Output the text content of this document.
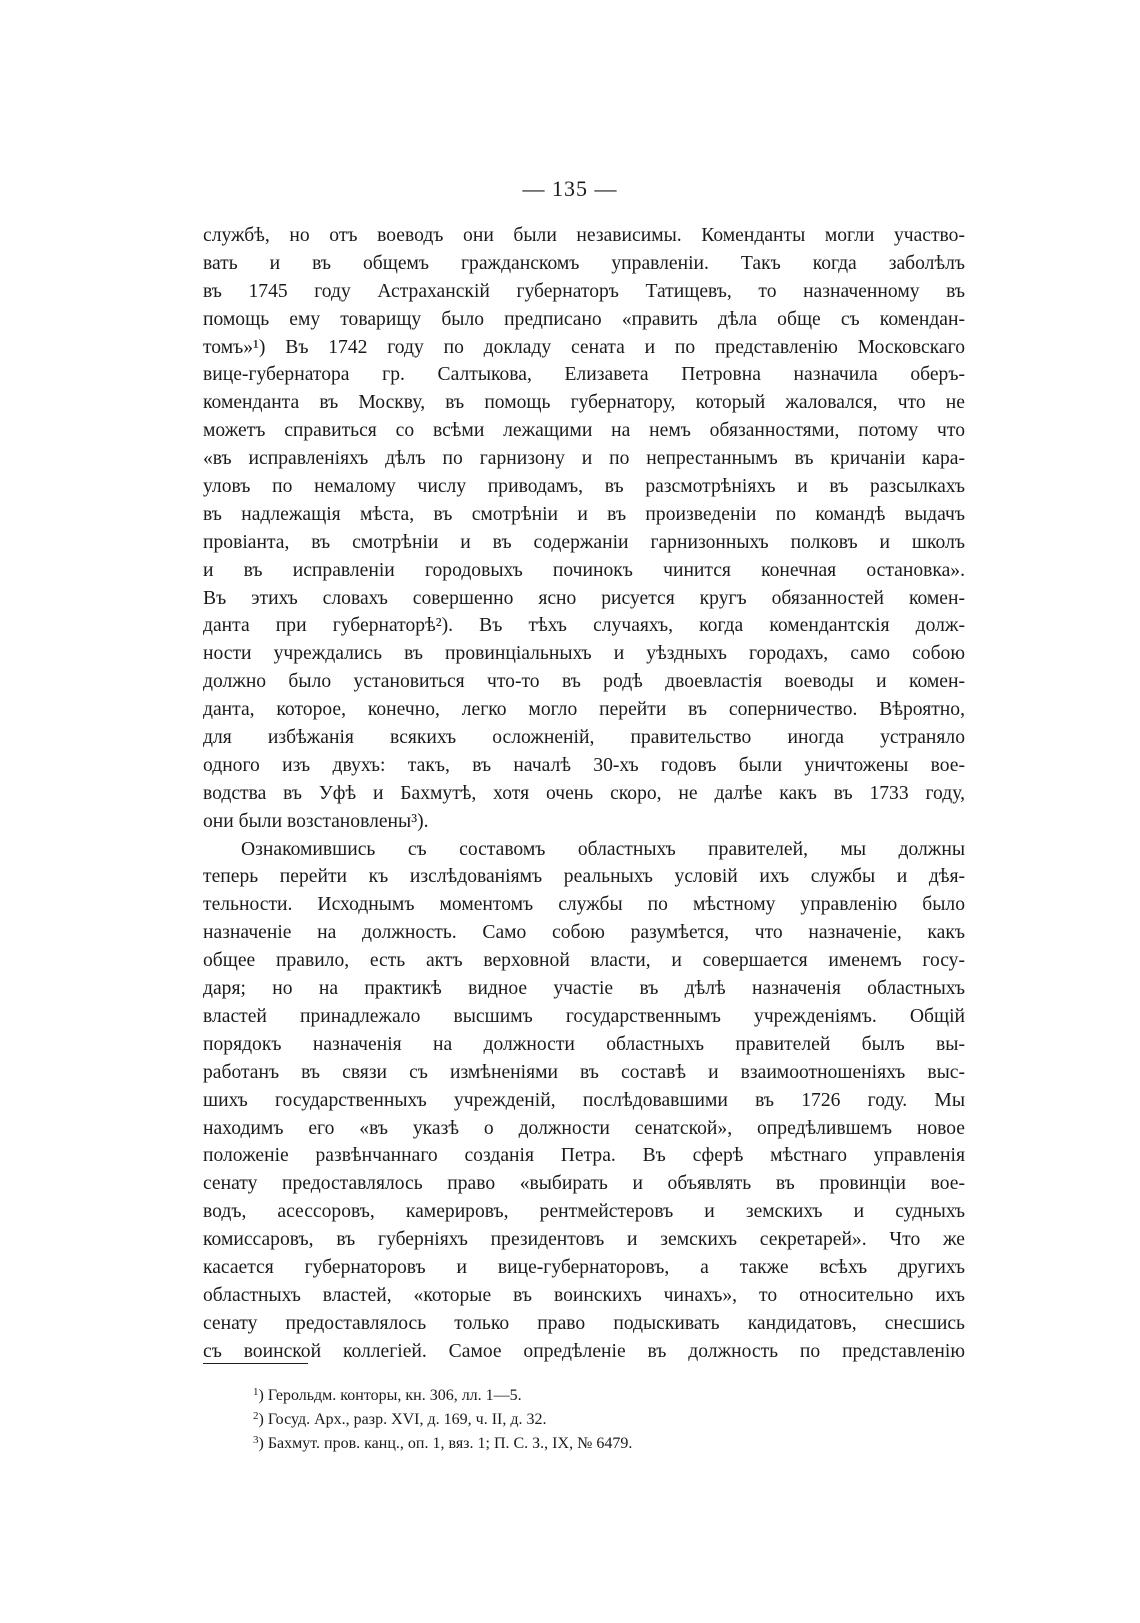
— 135 —
службѣ, но отъ воеводъ они были независимы. Коменданты могли участво-
вать и въ общемъ гражданскомъ управленіи. Такъ когда заболѣлъ
въ 1745 году Астраханскій губернаторъ Татищевъ, то назначенному въ
помощь ему товарищу было предписано «править дѣла обще съ комендан-
томъ»¹) Въ 1742 году по докладу сената и по представленію Московскаго
вице-губернатора гр. Салтыкова, Елизавета Петровна назначила оберъ-
коменданта въ Москву, въ помощь губернатору, который жаловался, что не
можетъ справиться со всѣми лежащими на немъ обязанностями, потому что
«въ исправленіяхъ дѣлъ по гарнизону и по непрестаннымъ въ кричаніи кара-
уловъ по немалому числу приводамъ, въ разсмотрѣніяхъ и въ разсылкахъ
въ надлежащія мѣста, въ смотрѣніи и въ произведеніи по командѣ выдачъ
провіанта, въ смотрѣніи и въ содержаніи гарнизонныхъ полковъ и школъ
и въ исправленіи городовыхъ починокъ чинится конечная остановка».
Въ этихъ словахъ совершенно ясно рисуется кругъ обязанностей комен-
данта при губернаторѣ²). Въ тѣхъ случаяхъ, когда комендантскія долж-
ности учреждались въ провинціальныхъ и уѣздныхъ городахъ, само собою
должно было установиться что-то въ родѣ двоевластія воеводы и комен-
данта, которое, конечно, легко могло перейти въ соперничество. Вѣроятно,
для избѣжанія всякихъ осложненій, правительство иногда устраняло
одного изъ двухъ: такъ, въ началѣ 30-хъ годовъ были уничтожены вое-
водства въ Уфѣ и Бахмутѣ, хотя очень скоро, не далѣе какъ въ 1733 году,
они были возстановлены³).
Ознакомившись съ составомъ областныхъ правителей, мы должны
теперь перейти къ изслѣдованіямъ реальныхъ условій ихъ службы и дѣя-
тельности. Исходнымъ моментомъ службы по мѣстному управленію было
назначеніе на должность. Само собою разумѣется, что назначеніе, какъ
общее правило, есть актъ верховной власти, и совершается именемъ госу-
даря; но на практикѣ видное участіе въ дѣлѣ назначенія областныхъ
властей принадлежало высшимъ государственнымъ учрежденіямъ. Общій
порядокъ назначенія на должности областныхъ правителей былъ вы-
работанъ въ связи съ измѣненіями въ составѣ и взаимоотношеніяхъ выс-
шихъ государственныхъ учрежденій, послѣдовавшими въ 1726 году. Мы
находимъ его «въ указѣ о должности сенатской», опредѣлившемъ новое
положеніе развѣнчаннаго созданія Петра. Въ сферѣ мѣстнаго управленія
сенату предоставлялось право «выбирать и объявлять въ провинціи вое-
водъ, асессоровъ, камерировъ, рентмейстеровъ и земскихъ и судныхъ
комиссаровъ, въ губерніяхъ президентовъ и земскихъ секретарей». Что же
касается губернаторовъ и вице-губернаторовъ, а также всѣхъ другихъ
областныхъ властей, «которые въ воинскихъ чинахъ», то относительно ихъ
сенату предоставлялось только право подыскивать кандидатовъ, снесшись
съ воинской коллегіей. Самое опредѣленіе въ должность по представленію
$^1$) Герольдм. конторы, кн. 306, лл. 1—5.
$^2$) Госуд. Арх., разр. XVI, д. 169, ч. II, д. 32.
$^3$) Бахмут. пров. канц., оп. 1, вяз. 1; П. С. З., IX, № 6479.
